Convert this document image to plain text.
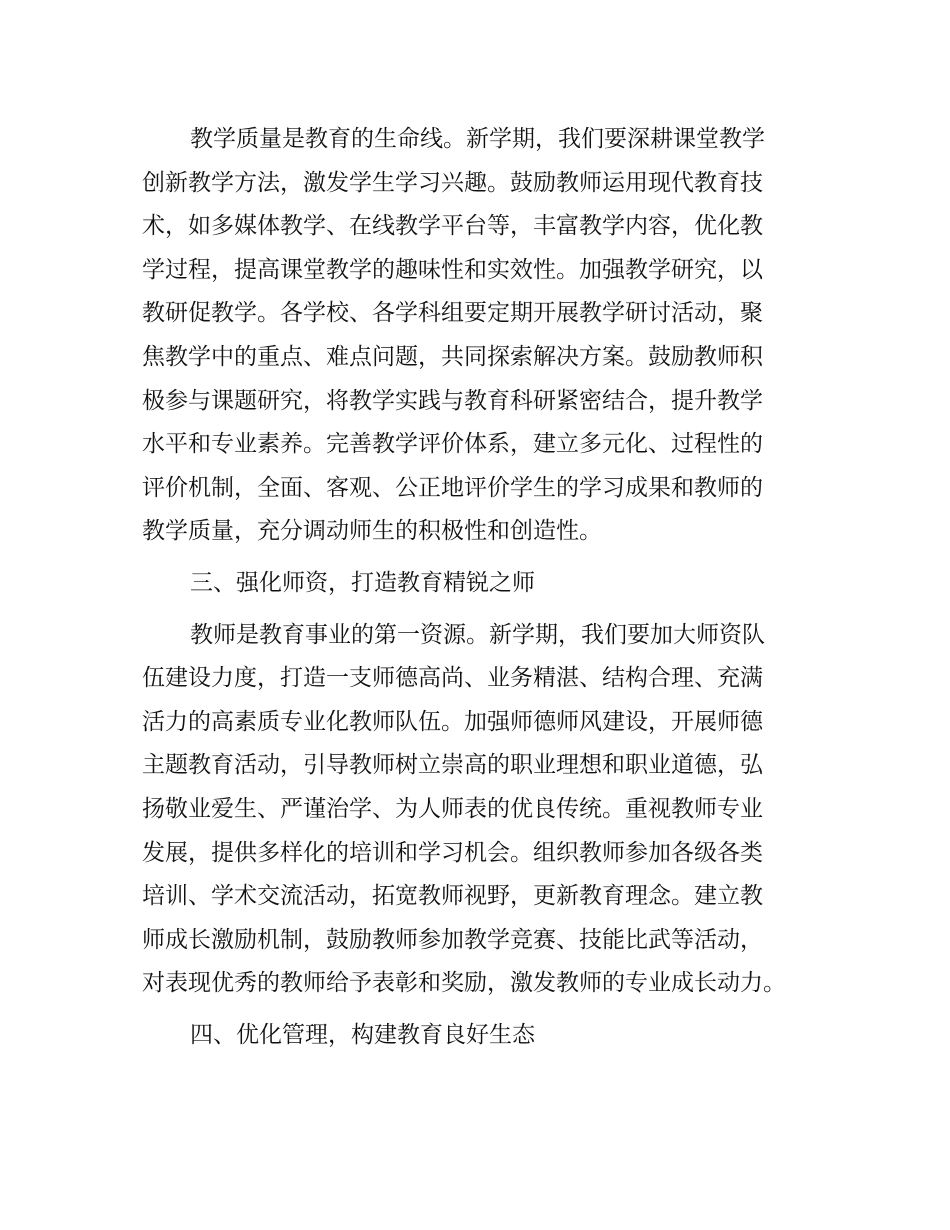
教学质量是教育的生命线。新学期，我们要深耕课堂教学

创新教学方法，激发学生学习兴趣。鼓励教师运用现代教育技

术，如多媒体教学、在线教学平台等，丰富教学内容，优化教

学过程，提高课堂教学的趣味性和实效性。加强教学研究，以

教研促教学。各学校、各学科组要定期开展教学研讨活动，聚

焦教学中的重点、难点问题，共同探索解决方案。鼓励教师积

极参与课题研究，将教学实践与教育科研紧密结合，提升教学

水平和专业素养。完善教学评价体系，建立多元化、过程性的

评价机制，全面、客观、公正地评价学生的学习成果和教师的

教学质量，充分调动师生的积极性和创造性。

三、强化师资，打造教育精锐之师

教师是教育事业的第一资源。新学期，我们要加大师资队

伍建设力度，打造一支师德高尚、业务精湛、结构合理、充满

活力的高素质专业化教师队伍。加强师德师风建设，开展师德

主题教育活动，引导教师树立崇高的职业理想和职业道德，弘

扬敬业爱生、严谨治学、为人师表的优良传统。重视教师专业

发展，提供多样化的培训和学习机会。组织教师参加各级各类

培训、学术交流活动，拓宽教师视野，更新教育理念。建立教

师成长激励机制，鼓励教师参加教学竞赛、技能比武等活动，

对表现优秀的教师给予表彰和奖励，激发教师的专业成长动力。

四、优化管理，构建教育良好生态
